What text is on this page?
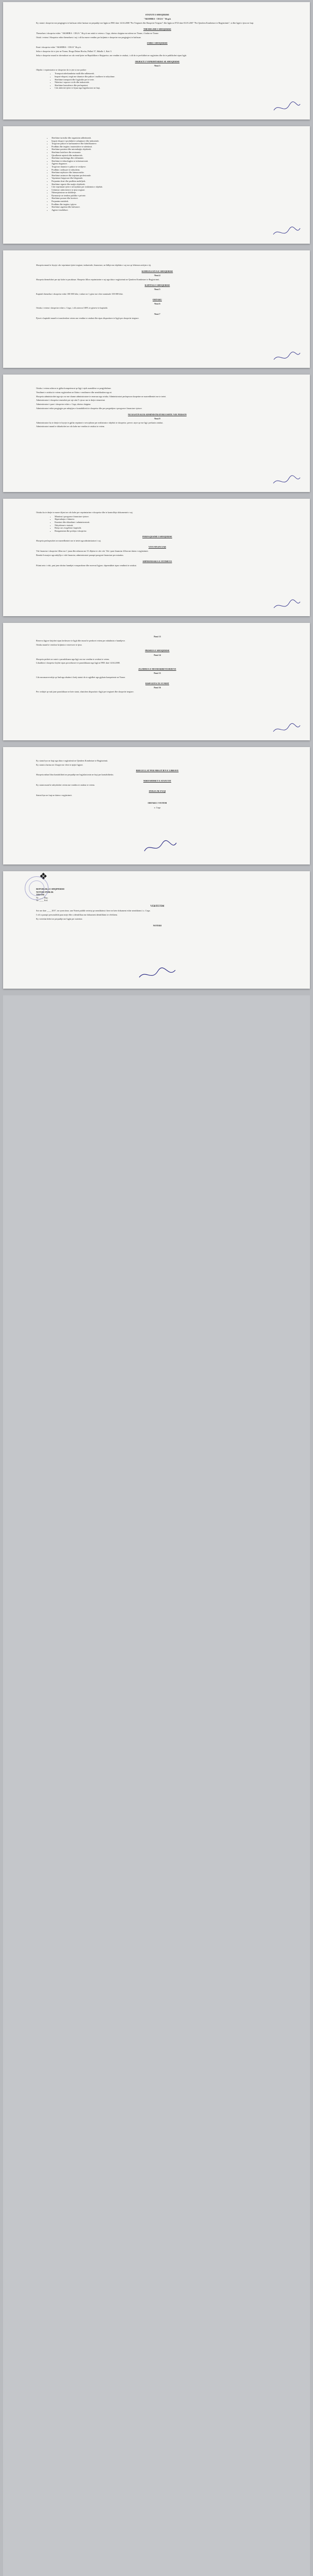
STATUTI I SHOQERISE

"AKSHIRA - CEGA " Sh.p.k

Ky statut i shoqerise me pergjegjesi te kufizuar eshte hartuar ne perputhje me ligjin nr.9901 date 14.04.2008 "Per Tregtaret dhe Shoqerite Tregtare" dhe ligjin nr.9723 date 03.05.2007 "Per Qendren Kombetare te Regjistrimit", si dhe ligjet e tjera ne fuqi.

THEMELIMI I SHOQERISE

Themelues i shoqerise eshte: "AKSHIRA - CEGA " Sh.p.k me ortak te vetem z. Cega, shtetas shqiptar me adrese ne Tirane, i lindur ne Tirane.

Ortak i vetem i Shoqerise eshte themeluesi i saj i cili ka marre vendim per krijimin e shoqerise me pergjegjesi te kufizuar.

EMRI I SHOQERISE

Emri i shoqerise eshte "AKSHIRA - CEGA" Sh.p.k.

Selia e shoqerise do te jete ne Tirane, Rruga Dritan Hoxha, Pallati 37, Shkalla 1, Kati 3.

Selia e shoqerise mund te zhvendoset ne cdo vend tjeter ne Republiken e Shqiperise, me vendim te ortakut, i cili do te perfshihet ne regjistrim dhe do te publikohet sipas ligjit.

OBJEKTI I VEPRIMTARISE SE SHOQERISE

Neni 3

Objekti i veprimtarise se shoqerise do te jete si me poshte:

• Transport nderkombetar malli dhe udhetaresh.
• Import-eksport, tregti me shumice dhe pakice i mallrave te ndryshme.
• Sherbime transporti dhe logjistike per te trete.
• Ndertim i veprave civile dhe industriale.
• Sherbime konsulence dhe perfaqesimi.
• Cdo aktivitet tjeter te lejuar nga legjislacioni ne fuqi.
• Sherbime turistike dhe organizim udhetimesh.
• Import eksport i produkteve ushqimore dhe industriale.
• Tregti me pakice te karburanteve dhe lubrifikanteve.
• Prodhim dhe tregtim i materialeve te ndertimit.
• Sherbime pastrimi dhe mirembajtje objektesh.
• Sherbime hoteliere dhe restorante.
• Qiradhenie mjetesh dhe makinerish.
• Sherbime marketingu dhe reklamimi.
• Sherbime te teknologjise se informacionit.
• Agjensi doganore.
• Tregti me shumice e pakice te veshjeve.
• Prodhim i artikujve te ndryshem.
• Sherbime mjeksore dhe farmaceutike.
• Sherbime arsimore dhe trajnime profesionale.
• Veprimtari bujqesore dhe blegtorale.
• Perpunim druri dhe prodhim mobiljesh.
• Sherbime sigurie dhe ruajtje objektesh.
• Cdo veprimtari tjeter e nevojshme per realizimin e objektit.
• Ushtrimi i aktiviteteve te tjera tregtare.
• Ndermjetesime ne shitblerje.
• Pjesmarrje ne tendera publike e private.
• Sherbime postare dhe korriere.
• Perpunim metalesh.
• Prodhim dhe tregtim i pijeve.
• Sherbime argetimi dhe kulturore.
• Agjenci imobiliare.

Shoqeria mund te kryeje cdo veprimtari tjeter tregtare, industriale, financiare, ne lidhje me objektin e saj ose qe lehteson arritjen e tij.

KOHEZGJATJA E SHOQERISE

Neni 4

Shoqeria themelohet per nje kohe te pacaktuar. Shoqeria fillon veprimtarine e saj nga data e regjistrimit ne Qendren Kombetare te Regjistrimit.

KAPITALI I SHOQERISE

Neni 5

Kapitali themeltar i shoqerise eshte 100 000 leke, i ndare ne 1 pjese me vlere nominale 100 000 leke.

ORTAKU

Neni 6

Ortaku i vetem i shoqerise eshte z. Cega, i cili zoteron 100% te pjeseve te kapitalit.

Neni 7

Pjeset e kapitalit mund te transferohen vetem me vendim te ortakut dhe sipas dispozitave te ligjit per shoqerite tregtare.

Ortaku i vetem ushtron te gjitha kompetencat qe ligji i njeh asamblese se pergjithshme.

Vendimet e ortakut te vetem regjistrohen ne librin e vendimeve dhe nenshkruhen nga ai.

Shoqeria administrohet nga nje ose me shume administratore te emeruar nga ortaku. Administratori perfaqeson shoqerine ne marredheniet me te tretet.

Administratori i shoqerise emerohet per nje afat 5 vjecar me te drejte riemerimi.

Administratori i pare i shoqerise eshte z. Cega, shtetas shqiptar.

Administratori eshte pergjegjes per mbajtjen e kontabilitetit te shoqerise dhe per pergatitjen e pasqyrave financiare vjetore.

NE RASTIN KUR ADMINISTRATORI ESHTE NJE PERSON

Neni 9

Administratori ka te drejte te kryeje te gjitha veprimet e nevojshme per realizimin e objektit te shoqerise, pervec atyre qe me ligj i perkasin ortakut.

Administratori mund te shkarkohet ne cdo kohe me vendim te ortakut te vetem.

Ortaku ka te drejte te marre dijeni ne cdo kohe per veprimtarine e shoqerise dhe te kontrolloje dokumentet e saj.

• Miratimi i pasqyrave financiare vjetore.
• Shperndarja e fitimeve.
• Emerimi dhe shkarkimi i administratorit.
• Ndryshimet e statutit.
• Rritja ose zvogelimi i kapitalit.
• Riorganizimi dhe prishja e shoqerise.

PERFAQESIMI I SHOQERISE

Shoqeria perfaqesohet ne marredheniet me te tretet nga administratori i saj.

VITI FINANCIAR

Viti financiar i shoqerise fillon me 1 janar dhe mbaron me 31 dhjetor te cdo viti. Viti i pare financiar fillon me daten e regjistrimit.

Brenda 6 muajve nga mbyllja e vitit financiar, administratori paraqet pasqyrat financiare per miratim.

SHPERNDARJA E FITIMEVE

Fitimi neto i vitit, pasi jane zbritur humbjet e meparshme dhe rezervat ligjore, shperndahet sipas vendimit te ortakut.

Neni 13

Rezerva ligjore krijohet sipas kerkesave te ligjit dhe mund te perdoret vetem per mbulimin e humbjeve.

Ortaku mund te vendose krijimin e rezervave te tjera.

PRISHJA E SHOQERISE

Neni 14

Shoqeria prishet ne rastet e parashikuara nga ligji ose me vendim te ortakut te vetem.

Likuidimi i shoqerise kryhet sipas procedurave te parashikuara nga ligji nr.9901 date 14.04.2008.

ZGJIDHJA E MOSMARREVESHJEVE

Neni 15

Cdo mosmarreveshje qe lind nga zbatimi i ketij statuti do te zgjidhet nga gjykata kompetente ne Tirane.

DISPOZITA TE FUNDIT

Neni 16

Per ceshtjet qe nuk jane parashikuar ne kete statut, zbatohen dispozitat e ligjit per tregtaret dhe shoqerite tregtare.

Ky statut hyn ne fuqi nga data e regjistrimit ne Qendren Kombetare te Regjistrimit.

Ky statut u hartua ne 4 kopje me vlere te njejte ligjore.

RREGULLAT PER MBAJTJEN E LIBRAVE

Shoqeria mban libra kontabiliteti ne perputhje me legjislacionin ne fuqi per kontabilitetin.

NDRYSHIMET E STATUTIT

Ky statut mund te ndryshohet vetem me vendim te ortakut te vetem.

HYRJA NE FUQI

Statuti hyn ne fuqi ne daten e regjistrimit.

ORTAKU I VETEM

z. Cega

❖

REPUBLIKA E SHQIPERISE

NOTERI PUBLIK

TIRANE

Nr. ____ Rep.

Nr. ____ Kol.

VERTETIM

Sot me date ____ 2017, ne zyren time, une Noteri publik vertetoj qe nenshkrimi i bere ne kete dokument eshte nenshkrimi i z. Cega.

I cili u paraqit personalisht para meje dhe u identifikua me dokument identifikimi te vlefshem.

Ky vertetim behet ne perputhje me ligjin per noterine.

NOTERI
